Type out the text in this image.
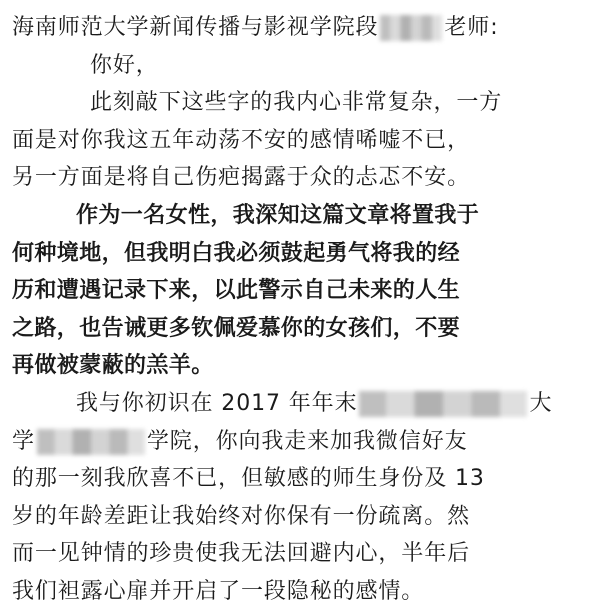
海南师范大学新闻传播与影视学院段	老师:
你好，
此刻敲下这些字的我内心非常复杂，一方
面是对你我这五年动荡不安的感情唏嘘不已，
另一方面是将自己伤疤揭露于众的忐忑不安。
作为一名女性，我深知这篇文章将置我于
何种境地，但我明白我必须鼓起勇气将我的经
历和遭遇记录下来，以此警示自己未来的人生
之路，也告诫更多钦佩爱慕你的女孩们，不要
再做被蒙蔽的羔羊。
我与你初识在 2017 年年末	大
学	学院，你向我走来加我微信好友
的那一刻我欣喜不已，但敏感的师生身份及 13
岁的年龄差距让我始终对你保有一份疏离。然
而一见钟情的珍贵使我无法回避内心，半年后
我们袒露心扉并开启了一段隐秘的感情。
